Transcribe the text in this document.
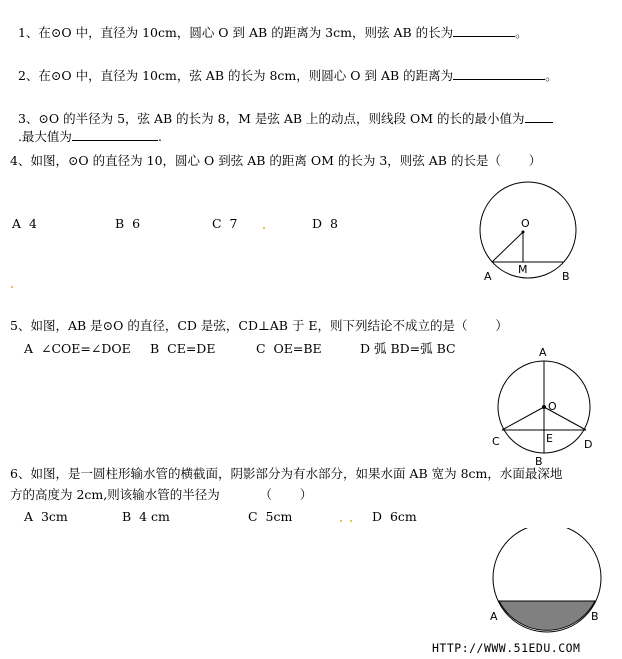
1、在⊙O 中，直径为 10cm，圆心 O 到 AB 的距离为 3cm，则弦 AB 的长为	。

2、在⊙O 中，直径为 10cm，弦 AB 的长为 8cm，则圆心 O 到 AB 的距离为	。

3、⊙O 的半径为 5，弦 AB 的长为 8，M 是弦 AB 上的动点，则线段 OM 的长的最小值为

.最大值为	.

4、如图，⊙O 的直径为 10，圆心 O 到弦 AB 的距离 OM 的长为 3，则弦 AB 的长是（       ）
A  4	B  6	C  7	D  8	O
M
A	B
5、如图，AB 是⊙O 的直径，CD 是弦，CD⊥AB 于 E，则下列结论不成立的是（       ）
A  ∠COE=∠DOE B  CE=DE	C  OE=BE	D 弧 BD=弧 BC	A
O
C	E	D
B
6、如图，是一圆柱形输水管的横截面，阴影部分为有水部分，如果水面 AB 宽为 8cm，水面最深地
方的高度为 2cm,则该输水管的半径为          （       ）
A  3cm	B  4 cm	C  5cm	D  6cm
A	B
HTTP://WWW.51EDU.COM
